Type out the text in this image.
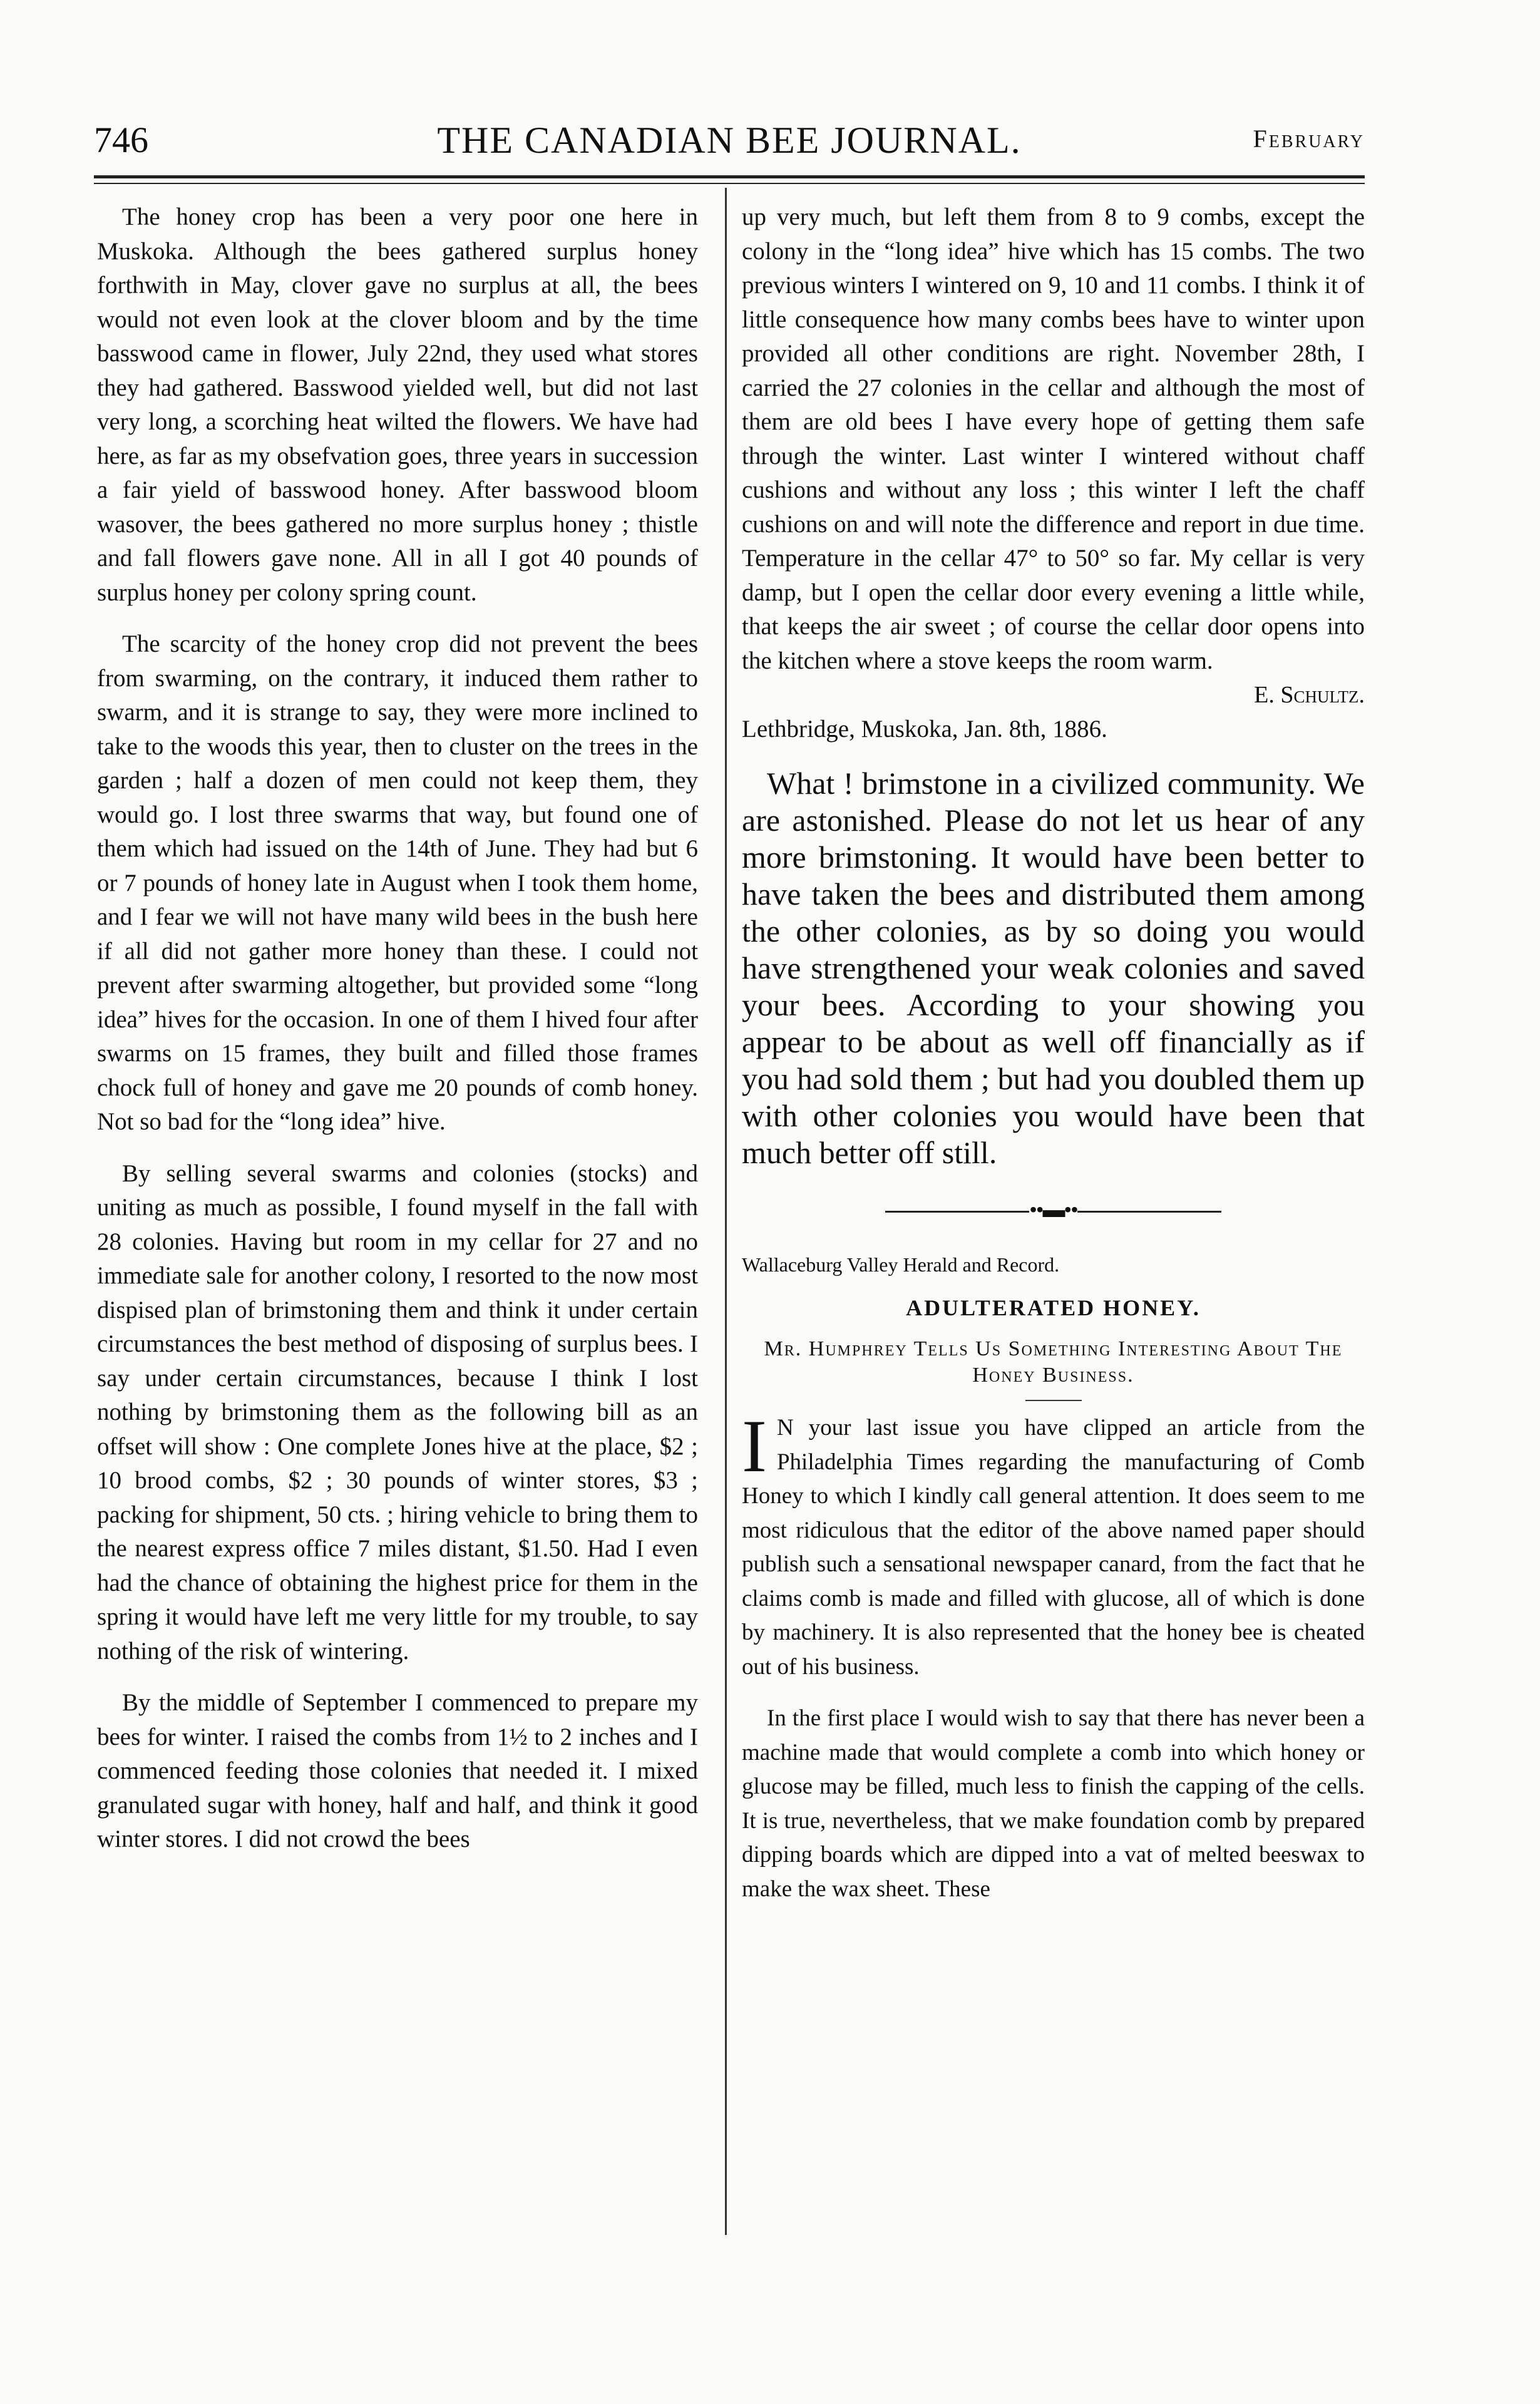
746	THE CANADIAN BEE JOURNAL.	February

The honey crop has been a very poor one here in Muskoka. Although the bees gathered surplus honey forthwith in May, clover gave no surplus at all, the bees would not even look at the clover bloom and by the time basswood came in flower, July 22nd, they used what stores they had gathered. Basswood yielded well, but did not last very long, a scorching heat wilted the flowers. We have had here, as far as my obsefvation goes, three years in succession a fair yield of basswood honey. After basswood bloom wasover, the bees gathered no more surplus honey ; thistle and fall flowers gave none. All in all I got 40 pounds of surplus honey per colony spring count.

The scarcity of the honey crop did not prevent the bees from swarming, on the contrary, it induced them rather to swarm, and it is strange to say, they were more inclined to take to the woods this year, then to cluster on the trees in the garden ; half a dozen of men could not keep them, they would go. I lost three swarms that way, but found one of them which had issued on the 14th of June. They had but 6 or 7 pounds of honey late in August when I took them home, and I fear we will not have many wild bees in the bush here if all did not gather more honey than these. I could not prevent after swarming altogether, but provided some “long idea” hives for the occasion. In one of them I hived four after swarms on 15 frames, they built and filled those frames chock full of honey and gave me 20 pounds of comb honey. Not so bad for the “long idea” hive.

By selling several swarms and colonies (stocks) and uniting as much as possible, I found myself in the fall with 28 colonies. Having but room in my cellar for 27 and no immediate sale for another colony, I resorted to the now most dispised plan of brimstoning them and think it under certain circumstances the best method of disposing of surplus bees. I say under certain circumstances, because I think I lost nothing by brimstoning them as the following bill as an offset will show : One complete Jones hive at the place, $2 ; 10 brood combs, $2 ; 30 pounds of winter stores, $3 ; packing for shipment, 50 cts. ; hiring vehicle to bring them to the nearest express office 7 miles distant, $1.50. Had I even had the chance of obtaining the highest price for them in the spring it would have left me very little for my trouble, to say nothing of the risk of wintering.

By the middle of September I commenced to prepare my bees for winter. I raised the combs from 1½ to 2 inches and I commenced feeding those colonies that needed it. I mixed granulated sugar with honey, half and half, and think it good winter stores. I did not crowd the bees

up very much, but left them from 8 to 9 combs, except the colony in the “long idea” hive which has 15 combs. The two previous winters I wintered on 9, 10 and 11 combs. I think it of little consequence how many combs bees have to winter upon provided all other conditions are right. November 28th, I carried the 27 colonies in the cellar and although the most of them are old bees I have every hope of getting them safe through the winter. Last winter I wintered without chaff cushions and without any loss ; this winter I left the chaff cushions on and will note the difference and report in due time. Temperature in the cellar 47° to 50° so far. My cellar is very damp, but I open the cellar door every evening a little while, that keeps the air sweet ; of course the cellar door opens into the kitchen where a stove keeps the room warm.

E. Schultz.

Lethbridge, Muskoka, Jan. 8th, 1886.

What ! brimstone in a civilized community. We are astonished. Please do not let us hear of any more brimstoning. It would have been better to have taken the bees and distributed them among the other colonies, as by so doing you would have strengthened your weak colonies and saved your bees. According to your showing you appear to be about as well off financially as if you had sold them ; but had you doubled them up with other colonies you would have been that much better off still.

••▬••

Wallaceburg Valley Herald and Record.

ADULTERATED HONEY.

Mr. Humphrey Tells Us Something Interesting About The Honey Business.

I N your last issue you have clipped an article from the Philadelphia Times regarding the manufacturing of Comb Honey to which I kindly call general attention. It does seem to me most ridiculous that the editor of the above named paper should publish such a sensational newspaper canard, from the fact that he claims comb is made and filled with glucose, all of which is done by machinery. It is also represented that the honey bee is cheated out of his business.

In the first place I would wish to say that there has never been a machine made that would complete a comb into which honey or glucose may be filled, much less to finish the capping of the cells. It is true, nevertheless, that we make foundation comb by prepared dipping boards which are dipped into a vat of melted beeswax to make the wax sheet. These
